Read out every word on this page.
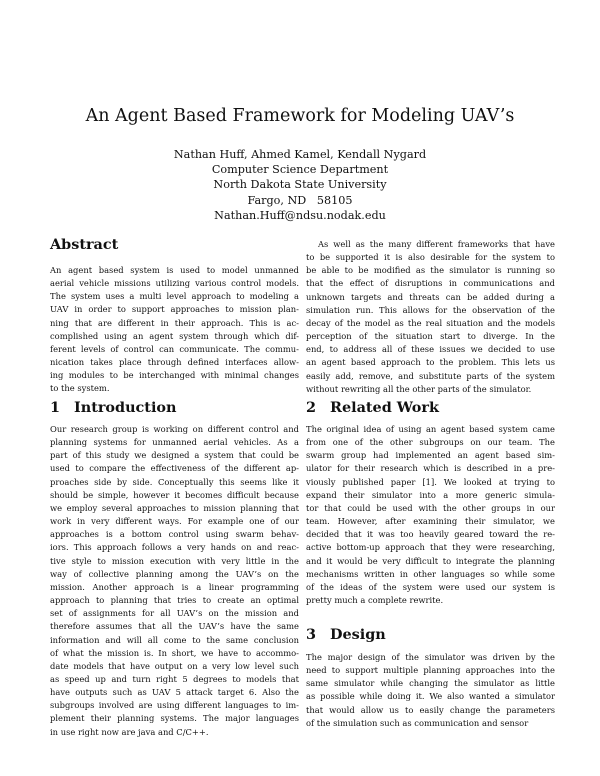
An Agent Based Framework for Modeling UAV’s
Nathan Huff, Ahmed Kamel, Kendall Nygard
Computer Science Department
North Dakota State University
Fargo, ND   58105
Nathan.Huff@ndsu.nodak.edu
Abstract
An agent based system is used to model unmanned
aerial vehicle missions utilizing various control models.
The system uses a multi level approach to modeling a
UAV in order to support approaches to mission plan-
ning that are different in their approach. This is ac-
complished using an agent system through which dif-
ferent levels of control can communicate. The commu-
nication takes place through defined interfaces allow-
ing modules to be interchanged with minimal changes
to the system.
1 Introduction
Our research group is working on different control and
planning systems for unmanned aerial vehicles. As a
part of this study we designed a system that could be
used to compare the effectiveness of the different ap-
proaches side by side. Conceptually this seems like it
should be simple, however it becomes difficult because
we employ several approaches to mission planning that
work in very different ways. For example one of our
approaches is a bottom control using swarm behav-
iors. This approach follows a very hands on and reac-
tive style to mission execution with very little in the
way of collective planning among the UAV’s on the
mission. Another approach is a linear programming
approach to planning that tries to create an optimal
set of assignments for all UAV’s on the mission and
therefore assumes that all the UAV’s have the same
information and will all come to the same conclusion
of what the mission is. In short, we have to accommo-
date models that have output on a very low level such
as speed up and turn right 5 degrees to models that
have outputs such as UAV 5 attack target 6. Also the
subgroups involved are using different languages to im-
plement their planning systems. The major languages
in use right now are java and C/C++.
As well as the many different frameworks that have
to be supported it is also desirable for the system to
be able to be modified as the simulator is running so
that the effect of disruptions in communications and
unknown targets and threats can be added during a
simulation run. This allows for the observation of the
decay of the model as the real situation and the models
perception of the situation start to diverge. In the
end, to address all of these issues we decided to use
an agent based approach to the problem. This lets us
easily add, remove, and substitute parts of the system
without rewriting all the other parts of the simulator.
2 Related Work
The original idea of using an agent based system came
from one of the other subgroups on our team. The
swarm group had implemented an agent based sim-
ulator for their research which is described in a pre-
viously published paper [1]. We looked at trying to
expand their simulator into a more generic simula-
tor that could be used with the other groups in our
team. However, after examining their simulator, we
decided that it was too heavily geared toward the re-
active bottom-up approach that they were researching,
and it would be very difficult to integrate the planning
mechanisms written in other languages so while some
of the ideas of the system were used our system is
pretty much a complete rewrite.
3 Design
The major design of the simulator was driven by the
need to support multiple planning approaches into the
same simulator while changing the simulator as little
as possible while doing it. We also wanted a simulator
that would allow us to easily change the parameters
of the simulation such as communication and sensor
